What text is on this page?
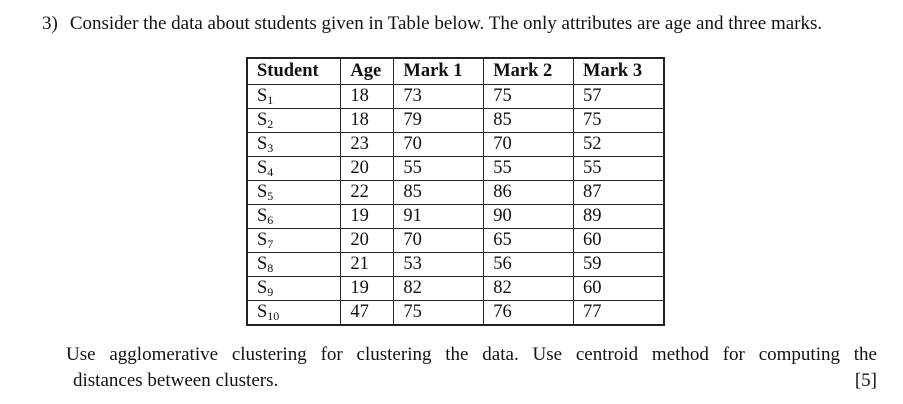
3) Consider the data about students given in Table below. The only attributes are age and three marks.
Student	Age	Mark 1	Mark 2	Mark 3
$S_1$	18	73	75	57
$S_2$	18	79	85	75
$S_3$	23	70	70	52
$S_4$	20	55	55	55
$S_5$	22	85	86	87
$S_6$	19	91	90	89
$S_7$	20	70	65	60
$S_8$	21	53	56	59
$S_9$	19	82	82	60
$S_{10}$	47	75	76	77
Use agglomerative clustering for clustering the data. Use centroid method for computing the
distances between clusters.	[5]
